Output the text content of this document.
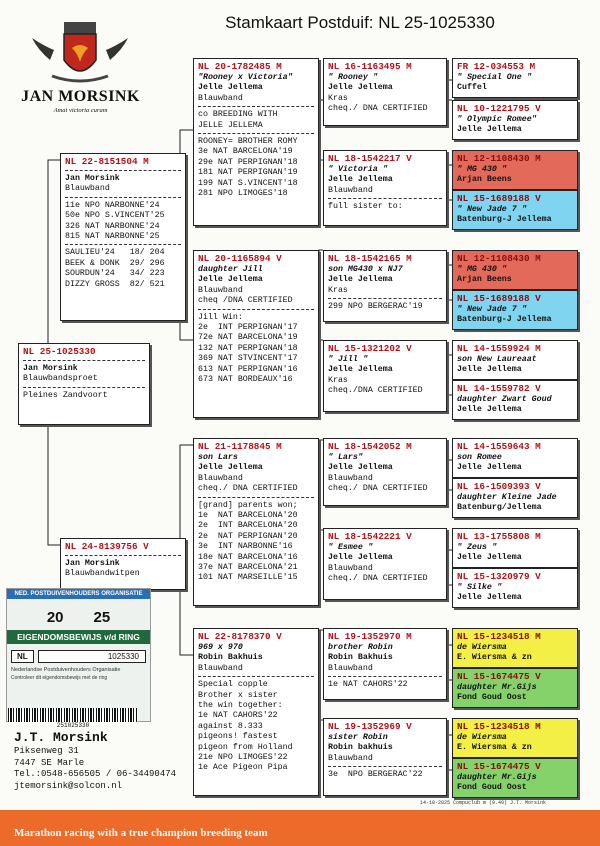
Stamkaart Postduif: NL 25-1025330
JAN MORSINK
Amat victoria curam
NL 25-1025330
Jan Morsink
Blauwbandsproet
Pleines Zandvoort
NL 22-8151504 M
Jan Morsink
Blauwband
11e NPO NARBONNE'24
50e NPO S.VINCENT'25
326 NAT NARBONNE'24
815 NAT NARBONNE'25
SAULIEU'24   18/ 204
BEEK & DONK  29/ 296
SOURDUN'24   34/ 223
DIZZY GROSS  82/ 521
NL 24-8139756 V
Jan Morsink
Blauwbandwitpen
NL 20-1782485 M
"Rooney x Victoria"
Jelle Jellema
Blauwband
co BREEDING WITH
JELLE JELLEMA
ROONEY= BROTHER ROMY
3e NAT BARCELONA'19
29e NAT PERPIGNAN'18
181 NAT PERPIGNAN'19
199 NAT S.VINCENT'18
281 NPO LIMOGES'18
NL 20-1165894 V
daughter Jill
Jelle Jellema
Blauwband
cheq /DNA CERTIFIED
Jill Win:
2e  INT PERPIGNAN'17
72e NAT BARCELONA'19
132 NAT PERPIGNAN'18
369 NAT STVINCENT'17
613 NAT PERPIGNAN'16
673 NAT BORDEAUX'16
NL 21-1178845 M
son Lars
Jelle Jellema
Blauwband
cheq./ DNA CERTIFIED
[grand] parents won;
1e  NAT BARCELONA'20
2e  INT BARCELONA'20
2e  NAT PERPIGNAN'20
3e  INT NARBONNE'16
18e NAT BARCELONA'16
37e NAT BARCELONA'21
101 NAT MARSEILLE'15
NL 22-8178370 V
969 x 970
Robin Bakhuis
Blauwband
Special copple
Brother x sister
the win together:
1e NAT CAHORS'22
against 8.333
pigeons! fastest
pigeon from Holland
21e NPO LIMOGES'22
1e Ace Pigeon Pipa
NL 16-1163495 M
" Rooney "
Jelle Jellema
Kras
cheq./ DNA CERTIFIED
NL 18-1542217 V
" Victoria "
Jelle Jellema
Blauwband
full sister to:
NL 18-1542165 M
son MG430 x NJ7
Jelle Jellema
Kras
299 NPO BERGERAC'19
NL 15-1321202 V
" Jill "
Jelle Jellema
Kras
cheq./DNA CERTIFIED
NL 18-1542052 M
" Lars"
Jelle Jellema
Blauwband
cheq./ DNA CERTIFIED
NL 18-1542221 V
" Esmee "
Jelle Jellema
Blauwband
cheq./ DNA CERTIFIED
NL 19-1352970 M
brother Robin
Robin Bakhuis
Blauwband
1e NAT CAHORS'22
NL 19-1352969 V
sister Robin
Robin bakhuis
Blauwband
3e  NPO BERGERAC'22
FR 12-034553 M
" Special One "
Cuffel
NL 10-1221795 V
" Olympic Romee"
Jelle Jellema
NL 12-1108430 M
" MG 430 "
Arjan Beens
NL 15-1689188 V
" New Jade 7 "
Batenburg-J Jellema
NL 12-1108430 M
" MG 430 "
Arjan Beens
NL 15-1689188 V
" New Jade 7 "
Batenburg-J Jellema
NL 14-1559924 M
son New Laureaat
Jelle Jellema
NL 14-1559782 V
daughter Zwart Goud
Jelle Jellema
NL 14-1559643 M
son Romee
Jelle Jellema
NL 16-1509393 V
daughter Kleine Jade
Batenburg/Jellema
NL 13-1755808 M
" Zeus "
Jelle Jellema
NL 15-1320979 V
" Silke "
Jelle Jellema
NL 15-1234518 M
de Wiersma
E. Wiersma & zn
NL 15-1674475 V
daughter Mr.Gijs
Fond Goud Oost
NL 15-1234518 M
de Wiersma
E. Wiersma & zn
NL 15-1674475 V
daughter Mr.Gijs
Fond Goud Oost
NED. POSTDUIVENHOUDERS ORGANISATIE
20 25
EIGENDOMSBEWIJS v/d RING
NL	1025330
Nederlandse Postduivenhouders Organisatie
Controleer dit eigendomsbewijs met de ring
251025330
J.T. Morsink
Piksenweg 31
7447 SE Marle
Tel.:0548-656505 / 06-34490474
jtemorsink@solcon.nl
14-10-2025 Compuclub m (9.49) J.T. Morsink
Marathon racing with a true champion breeding team
